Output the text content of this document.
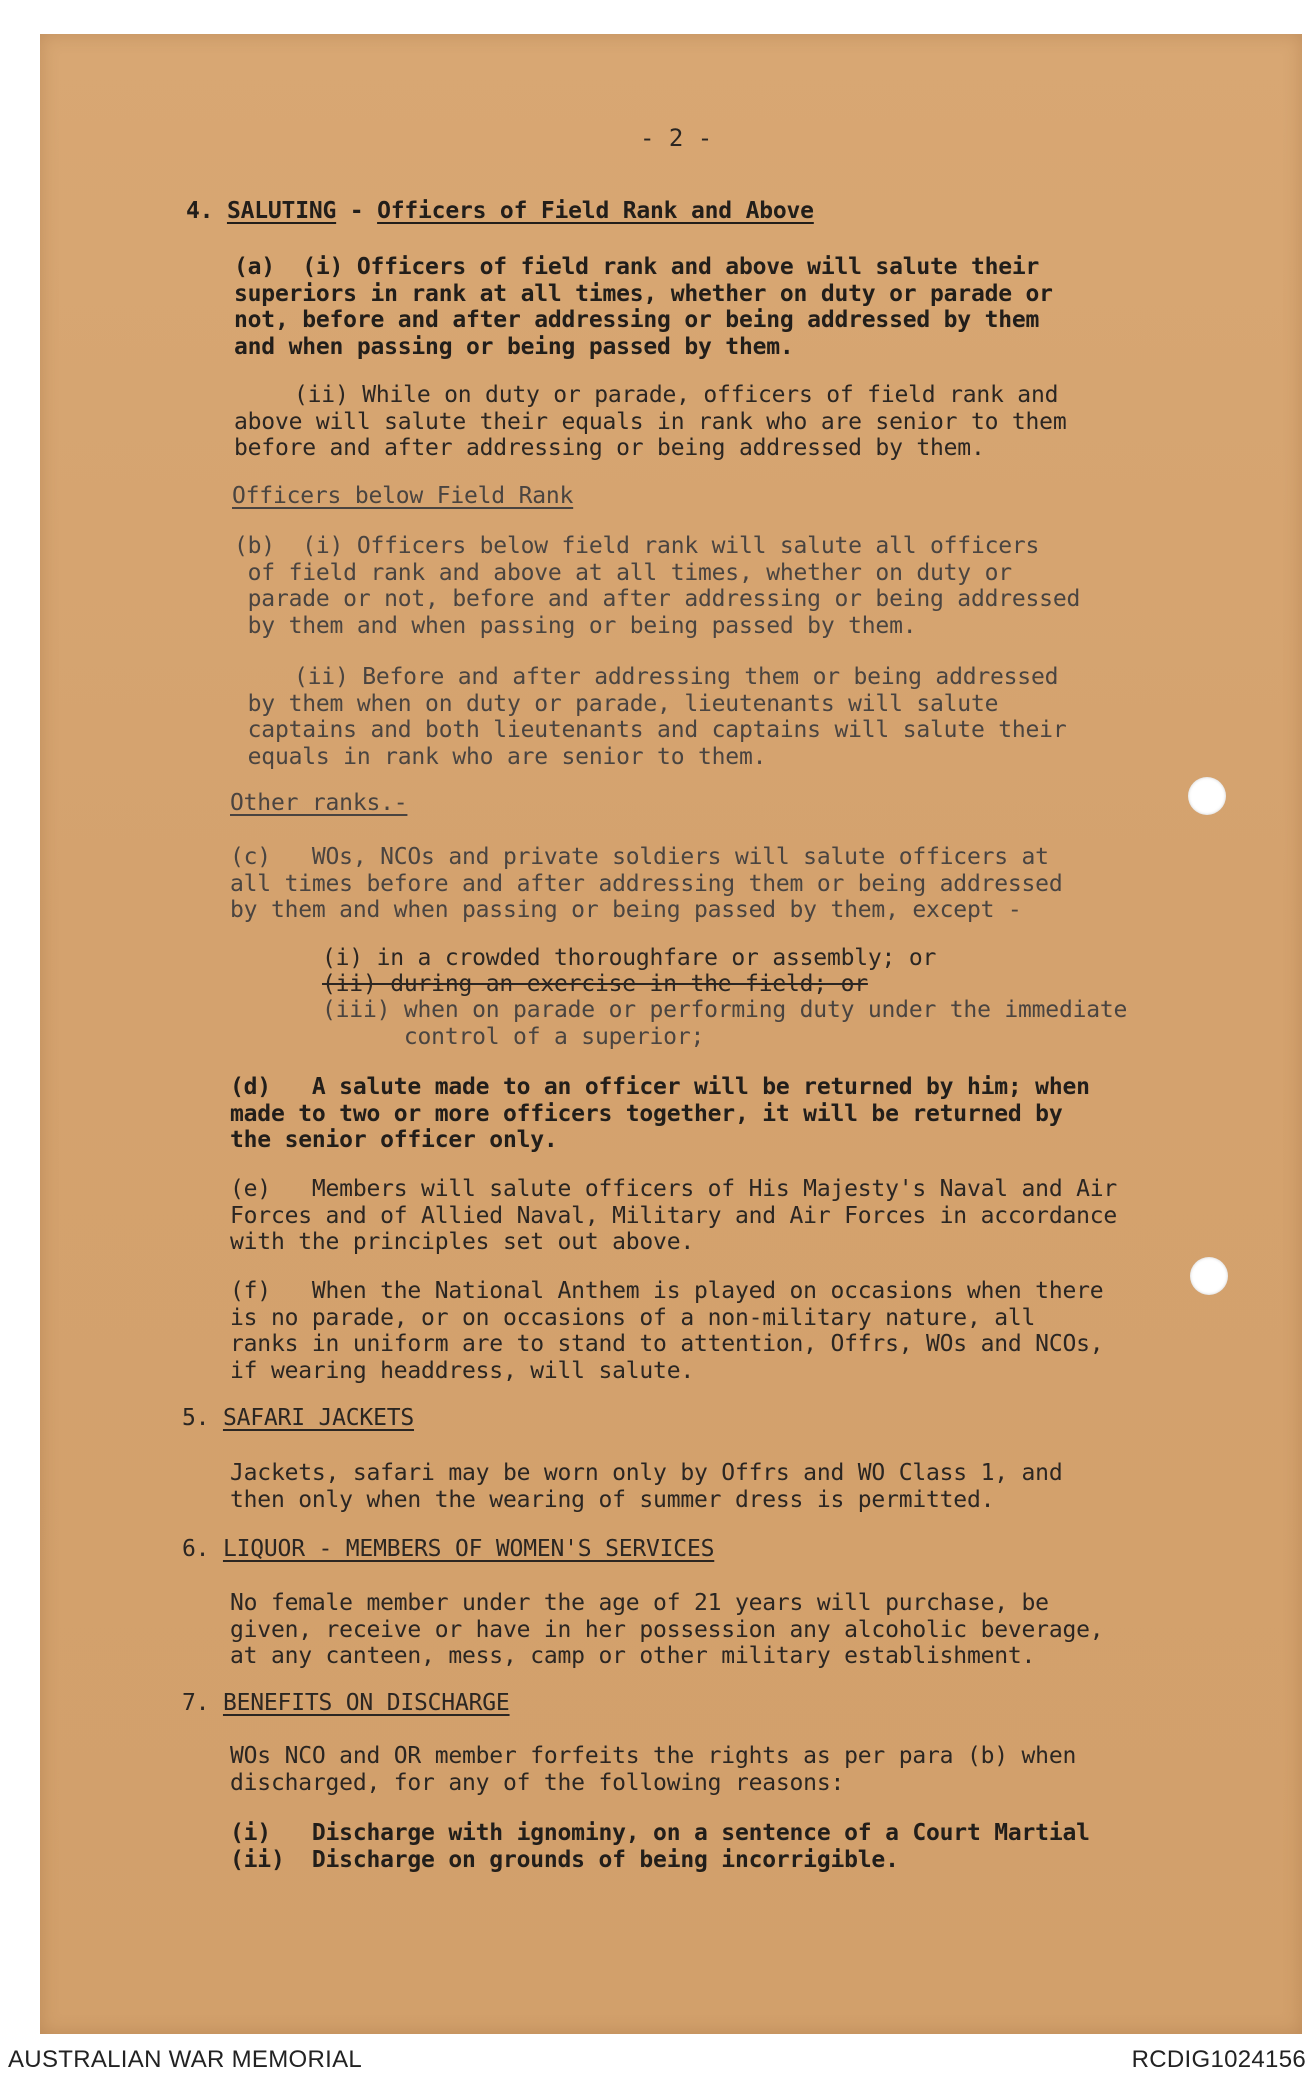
- 2 -
4. SALUTING - Officers of Field Rank and Above
(a)  (i) Officers of field rank and above will salute their
superiors in rank at all times, whether on duty or parade or
not, before and after addressing or being addressed by them
and when passing or being passed by them.
(ii) While on duty or parade, officers of field rank and
above will salute their equals in rank who are senior to them
before and after addressing or being addressed by them.
Officers below Field Rank
(b)  (i) Officers below field rank will salute all officers
of field rank and above at all times, whether on duty or
parade or not, before and after addressing or being addressed
by them and when passing or being passed by them.
(ii) Before and after addressing them or being addressed
by them when on duty or parade, lieutenants will salute
captains and both lieutenants and captains will salute their
equals in rank who are senior to them.
Other ranks.-
(c)   WOs, NCOs and private soldiers will salute officers at
all times before and after addressing them or being addressed
by them and when passing or being passed by them, except -
(i) in a crowded thoroughfare or assembly; or
(ii) during an exercise in the field; or
(iii) when on parade or performing duty under the immediate
control of a superior;
(d)   A salute made to an officer will be returned by him; when
made to two or more officers together, it will be returned by
the senior officer only.
(e)   Members will salute officers of His Majesty's Naval and Air
Forces and of Allied Naval, Military and Air Forces in accordance
with the principles set out above.
(f)   When the National Anthem is played on occasions when there
is no parade, or on occasions of a non-military nature, all
ranks in uniform are to stand to attention, Offrs, WOs and NCOs,
if wearing headdress, will salute.
5. SAFARI JACKETS
Jackets, safari may be worn only by Offrs and WO Class 1, and
then only when the wearing of summer dress is permitted.
6. LIQUOR - MEMBERS OF WOMEN'S SERVICES
No female member under the age of 21 years will purchase, be
given, receive or have in her possession any alcoholic beverage,
at any canteen, mess, camp or other military establishment.
7. BENEFITS ON DISCHARGE
WOs NCO and OR member forfeits the rights as per para (b) when
discharged, for any of the following reasons:
(i)   Discharge with ignominy, on a sentence of a Court Martial
(ii)  Discharge on grounds of being incorrigible.
AUSTRALIAN WAR MEMORIAL	RCDIG1024156
